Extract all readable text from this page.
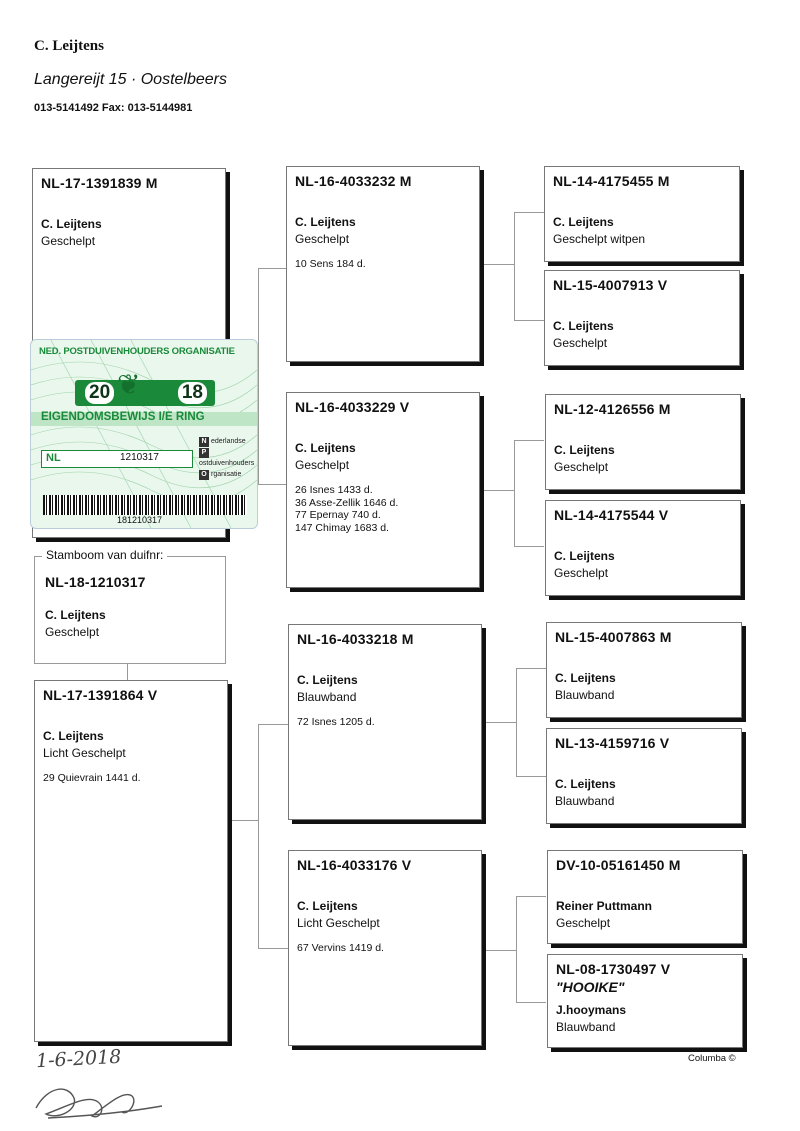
C. Leijtens
Langereijt 15 · Oostelbeers
013-5141492 Fax: 013-5144981
NL-17-1391839 M
C. Leijtens
Geschelpt
NED. POSTDUIVENHOUDERS ORGANISATIE
20	18
❦
EIGENDOMSBEWIJS I/E RING
NL	1210317
N ederlandse
Postduivenhouders
O rganisatie
181210317
NL-18-1210317
C. Leijtens
Geschelpt
Stamboom van duifnr:
NL-17-1391864 V
C. Leijtens
Licht Geschelpt
29 Quievrain 1441 d.
NL-16-4033232 M
C. Leijtens
Geschelpt
10 Sens 184 d.
NL-16-4033229 V
C. Leijtens
Geschelpt
26 Isnes 1433 d.
36 Asse-Zellik 1646 d.
77 Epernay 740 d.
147 Chimay 1683 d.
NL-16-4033218 M
C. Leijtens
Blauwband
72 Isnes 1205 d.
NL-16-4033176 V
C. Leijtens
Licht Geschelpt
67 Vervins 1419 d.
NL-14-4175455 M
C. Leijtens
Geschelpt witpen
NL-15-4007913 V
C. Leijtens
Geschelpt
NL-12-4126556 M
C. Leijtens
Geschelpt
NL-14-4175544 V
C. Leijtens
Geschelpt
NL-15-4007863 M
C. Leijtens
Blauwband
NL-13-4159716 V
C. Leijtens
Blauwband
DV-10-05161450 M
Reiner Puttmann
Geschelpt
NL-08-1730497 V
"HOOIKE"
J.hooymans
Blauwband
Columba ©
1-6-2018
